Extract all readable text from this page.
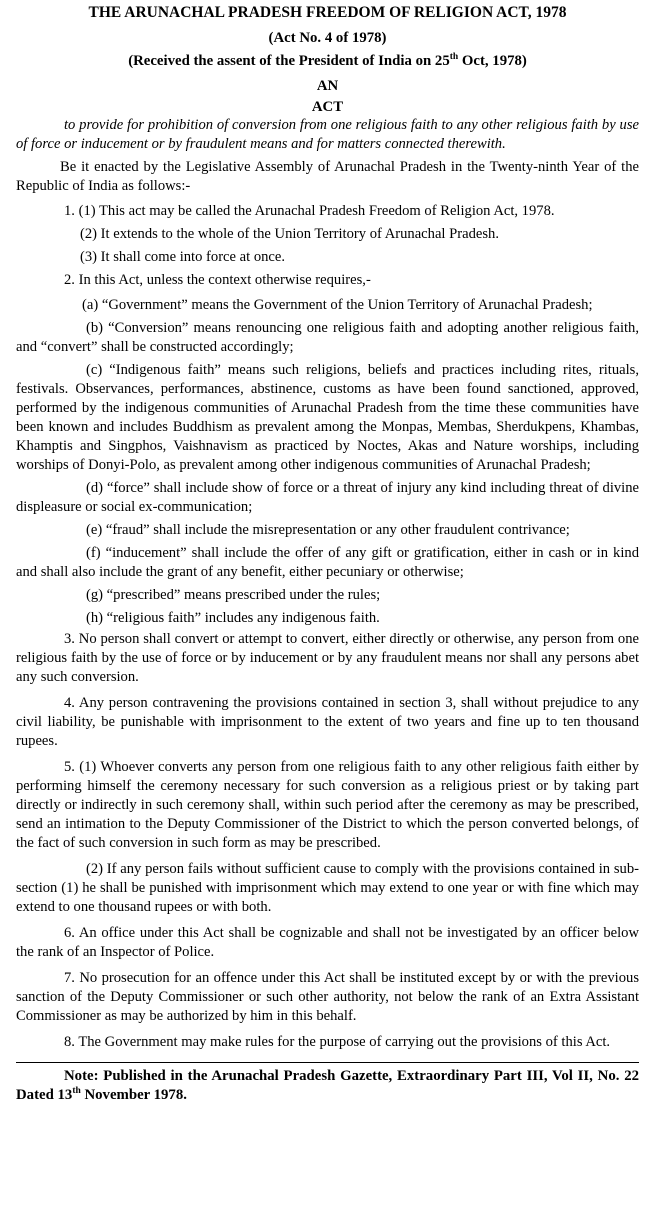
THE ARUNACHAL PRADESH FREEDOM OF RELIGION ACT, 1978
(Act No. 4 of 1978)
(Received the assent of the President of India on 25th Oct, 1978)
AN
ACT

to provide for prohibition of conversion from one religious faith to any other religious faith by use of force or inducement or by fraudulent means and for matters connected therewith.

Be it enacted by the Legislative Assembly of Arunachal Pradesh in the Twenty-ninth Year of the Republic of India as follows:-

1. (1) This act may be called the Arunachal Pradesh Freedom of Religion Act, 1978.

(2) It extends to the whole of the Union Territory of Arunachal Pradesh.

(3) It shall come into force at once.

2. In this Act, unless the context otherwise requires,-

(a) “Government” means the Government of the Union Territory of Arunachal Pradesh;

(b) “Conversion” means renouncing one religious faith and adopting another religious faith, and “convert” shall be constructed accordingly;

(c) “Indigenous faith” means such religions, beliefs and practices including rites, rituals, festivals. Observances, performances, abstinence, customs as have been found sanctioned, approved, performed by the indigenous communities of Arunachal Pradesh from the time these communities have been known and includes Buddhism as prevalent among the Monpas, Membas, Sherdukpens, Khambas, Khamptis and Singphos, Vaishnavism as practiced by Noctes, Akas and Nature worships, including worships of Donyi-Polo, as prevalent among other indigenous communities of Arunachal Pradesh;

(d) “force” shall include show of force or a threat of injury any kind including threat of divine displeasure or social ex-communication;

(e) “fraud” shall include the misrepresentation or any other fraudulent contrivance;

(f) “inducement” shall include the offer of any gift or gratification, either in cash or in kind and shall also include the grant of any benefit, either pecuniary or otherwise;

(g) “prescribed” means prescribed under the rules;

(h) “religious faith” includes any indigenous faith.

3. No person shall convert or attempt to convert, either directly or otherwise, any person from one religious faith by the use of force or by inducement or by any fraudulent means nor shall any persons abet any such conversion.

4. Any person contravening the provisions contained in section 3, shall without prejudice to any civil liability, be punishable with imprisonment to the extent of two years and fine up to ten thousand rupees.

5. (1) Whoever converts any person from one religious faith to any other religious faith either by performing himself the ceremony necessary for such conversion as a religious priest or by taking part directly or indirectly in such ceremony shall, within such period after the ceremony as may be prescribed, send an intimation to the Deputy Commissioner of the District to which the person converted belongs, of the fact of such conversion in such form as may be prescribed.

(2) If any person fails without sufficient cause to comply with the provisions contained in sub-section (1) he shall be punished with imprisonment which may extend to one year or with fine which may extend to one thousand rupees or with both.

6. An office under this Act shall be cognizable and shall not be investigated by an officer below the rank of an Inspector of Police.

7. No prosecution for an offence under this Act shall be instituted except by or with the previous sanction of the Deputy Commissioner or such other authority, not below the rank of an Extra Assistant Commissioner as may be authorized by him in this behalf.

8. The Government may make rules for the purpose of carrying out the provisions of this Act.

Note: Published in the Arunachal Pradesh Gazette, Extraordinary Part III, Vol II, No. 22 Dated 13th November 1978.
